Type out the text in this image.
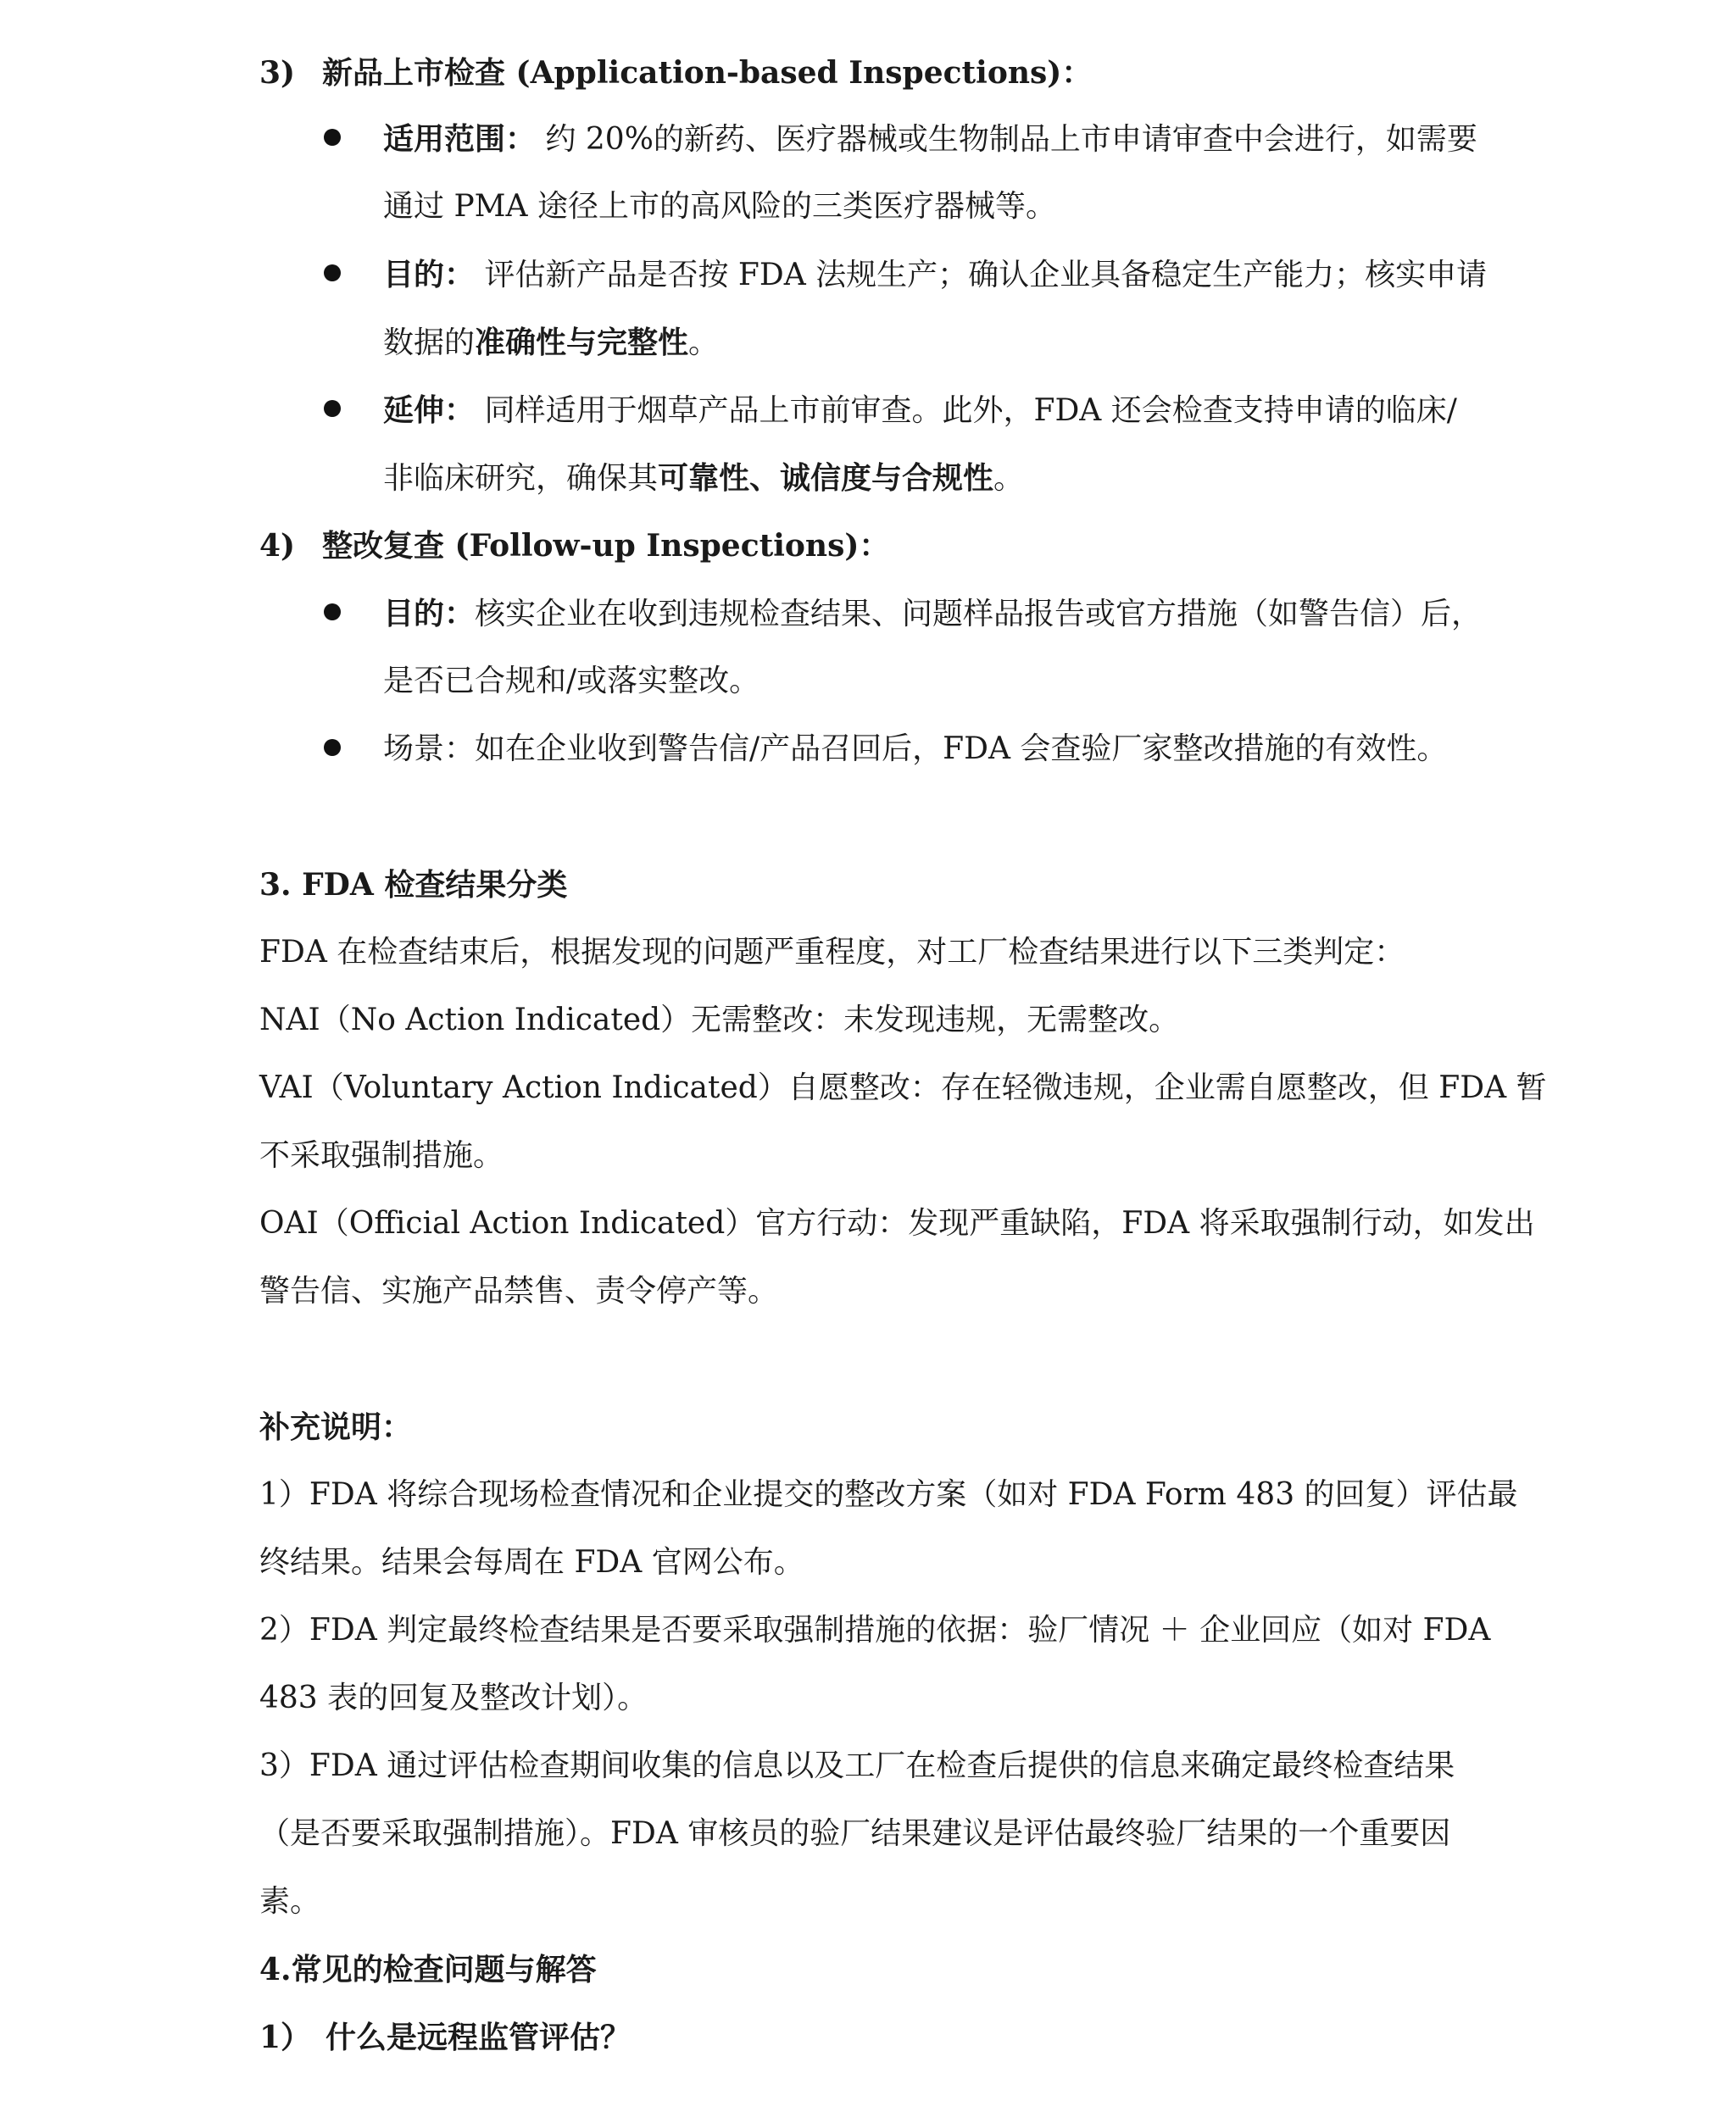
3) 新品上市检查 (Application-based Inspections)：
适用范围： 约 20%的新药、医疗器械或生物制品上市申请审查中会进行，如需要
通过 PMA 途径上市的高风险的三类医疗器械等。
目的： 评估新产品是否按 FDA 法规生产；确认企业具备稳定生产能力；核实申请
数据的准确性与完整性。
延伸： 同样适用于烟草产品上市前审查。此外，FDA 还会检查支持申请的临床/
非临床研究，确保其可靠性、诚信度与合规性。
4) 整改复查 (Follow-up Inspections)：
目的：核实企业在收到违规检查结果、问题样品报告或官方措施（如警告信）后，
是否已合规和/或落实整改。
场景：如在企业收到警告信/产品召回后，FDA 会查验厂家整改措施的有效性。
3. FDA 检查结果分类
FDA 在检查结束后，根据发现的问题严重程度，对工厂检查结果进行以下三类判定：
NAI（No Action Indicated）无需整改：未发现违规，无需整改。
VAI（Voluntary Action Indicated）自愿整改：存在轻微违规，企业需自愿整改，但 FDA 暂
不采取强制措施。
OAI（Official Action Indicated）官方行动：发现严重缺陷，FDA 将采取强制行动，如发出
警告信、实施产品禁售、责令停产等。
补充说明：
1）FDA 将综合现场检查情况和企业提交的整改方案（如对 FDA Form 483 的回复）评估最
终结果。结果会每周在 FDA 官网公布。
2）FDA 判定最终检查结果是否要采取强制措施的依据：验厂情况 ＋ 企业回应（如对 FDA
483 表的回复及整改计划）。
3）FDA 通过评估检查期间收集的信息以及工厂在检查后提供的信息来确定最终检查结果
（是否要采取强制措施）。FDA 审核员的验厂结果建议是评估最终验厂结果的一个重要因
素。
4.常见的检查问题与解答
1） 什么是远程监管评估？
